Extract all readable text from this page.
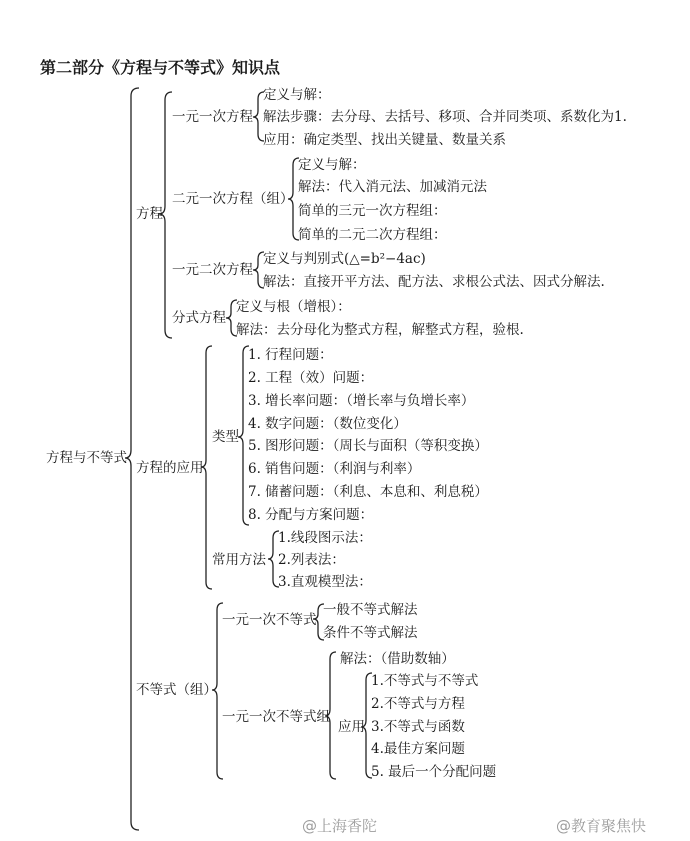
第二部分《方程与不等式》知识点
方程与不等式
方程
一元一次方程
定义与解：
解法步骤：去分母、去括号、移项、合并同类项、系数化为1.
应用：确定类型、找出关键量、数量关系
二元一次方程（组）
定义与解：
解法：代入消元法、加减消元法
简单的三元一次方程组：
简单的二元二次方程组：
一元二次方程
定义与判别式(△=b²−4ac)
解法：直接开平方法、配方法、求根公式法、因式分解法.
分式方程
定义与根（增根）：
解法：去分母化为整式方程，解整式方程，验根.
方程的应用
类型
1. 行程问题：
2. 工程（效）问题：
3. 增长率问题：（增长率与负增长率）
4. 数字问题：（数位变化）
5. 图形问题：（周长与面积（等积变换）
6. 销售问题：（利润与利率）
7. 储蓄问题：（利息、本息和、利息税）
8. 分配与方案问题：
常用方法
1.线段图示法：
2.列表法：
3.直观模型法：
不等式（组）
一元一次不等式
一般不等式解法
条件不等式解法
一元一次不等式组
解法：（借助数轴）
应用
1.不等式与不等式
2.不等式与方程
3.不等式与函数
4.最佳方案问题
5. 最后一个分配问题
@上海香陀	@教育聚焦快
